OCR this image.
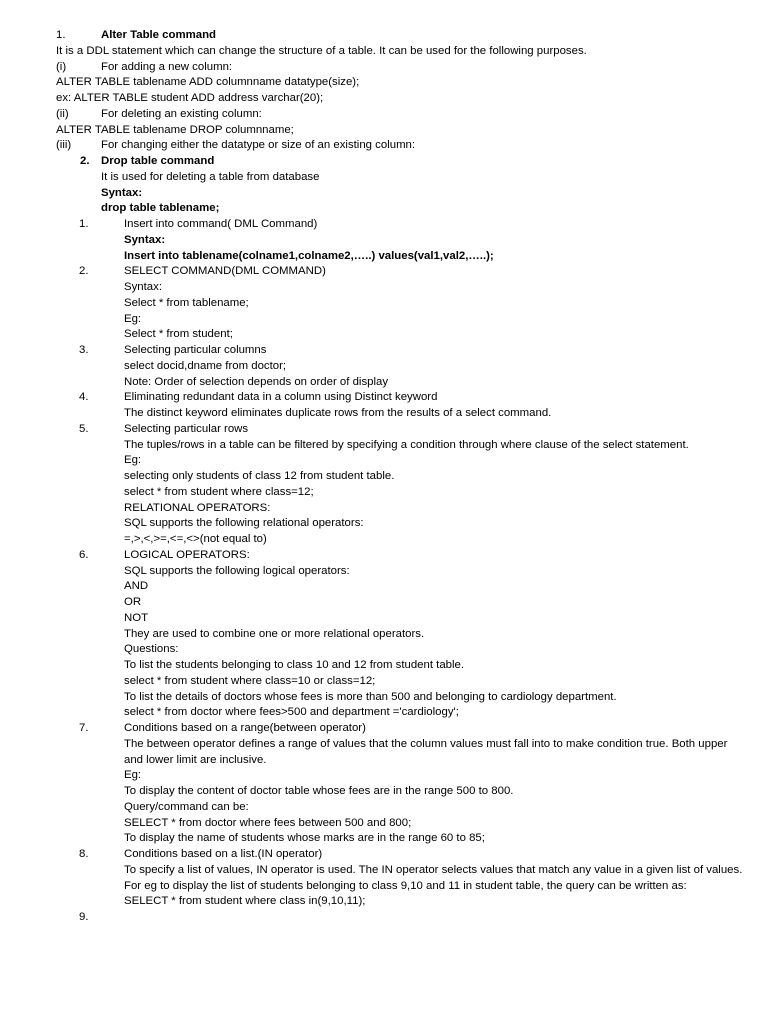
1.	Alter Table command
It is a DDL statement which can change the structure of a table. It can be used for the following purposes.
(i)	For adding a new column:
ALTER TABLE tablename ADD columnname datatype(size);
ex: ALTER TABLE student ADD address varchar(20);
(ii)	For deleting an existing column:
ALTER TABLE tablename DROP columnname;
(iii)	For changing either the datatype or size of an existing column:
2. Drop table command
It is used for deleting a table from database
Syntax:
drop table tablename;
1.	Insert into command( DML Command)
Syntax:
Insert into tablename(colname1,colname2,…..) values(val1,val2,…..);
2.	SELECT COMMAND(DML COMMAND)
Syntax:
Select * from tablename;
Eg:
Select * from student;
3.	Selecting particular columns
select docid,dname from doctor;
Note: Order of selection depends on order of display
4.	Eliminating redundant data in a column using Distinct keyword
The distinct keyword eliminates duplicate rows from the results of a select command.
5.	Selecting particular rows
The tuples/rows in a table can be filtered by specifying a condition through where clause of the select statement.
Eg:
selecting only students of class 12 from student table.
select * from student where class=12;
RELATIONAL OPERATORS:
SQL supports the following relational operators:
=,>,<,>=,<=,<>(not equal to)
6.	LOGICAL OPERATORS:
SQL supports the following logical operators:
AND
OR
NOT
They are used to combine one or more relational operators.
Questions:
To list the students belonging to class 10 and 12 from student table.
select * from student where class=10 or class=12;
To list the details of doctors whose fees is more than 500 and belonging to cardiology department.
select * from doctor where fees>500 and department ='cardiology';
7.	Conditions based on a range(between operator)
The between operator defines a range of values that the column values must fall into to make condition true. Both upper
and lower limit are inclusive.
Eg:
To display the content of doctor table whose fees are in the range 500 to 800.
Query/command can be:
SELECT * from doctor where fees between 500 and 800;
To display the name of students whose marks are in the range 60 to 85;
8.	Conditions based on a list.(IN operator)
To specify a list of values, IN operator is used. The IN operator selects values that match any value in a given list of values.
For eg to display the list of students belonging to class 9,10 and 11 in student table, the query can be written as:
SELECT * from student where class in(9,10,11);
9.
